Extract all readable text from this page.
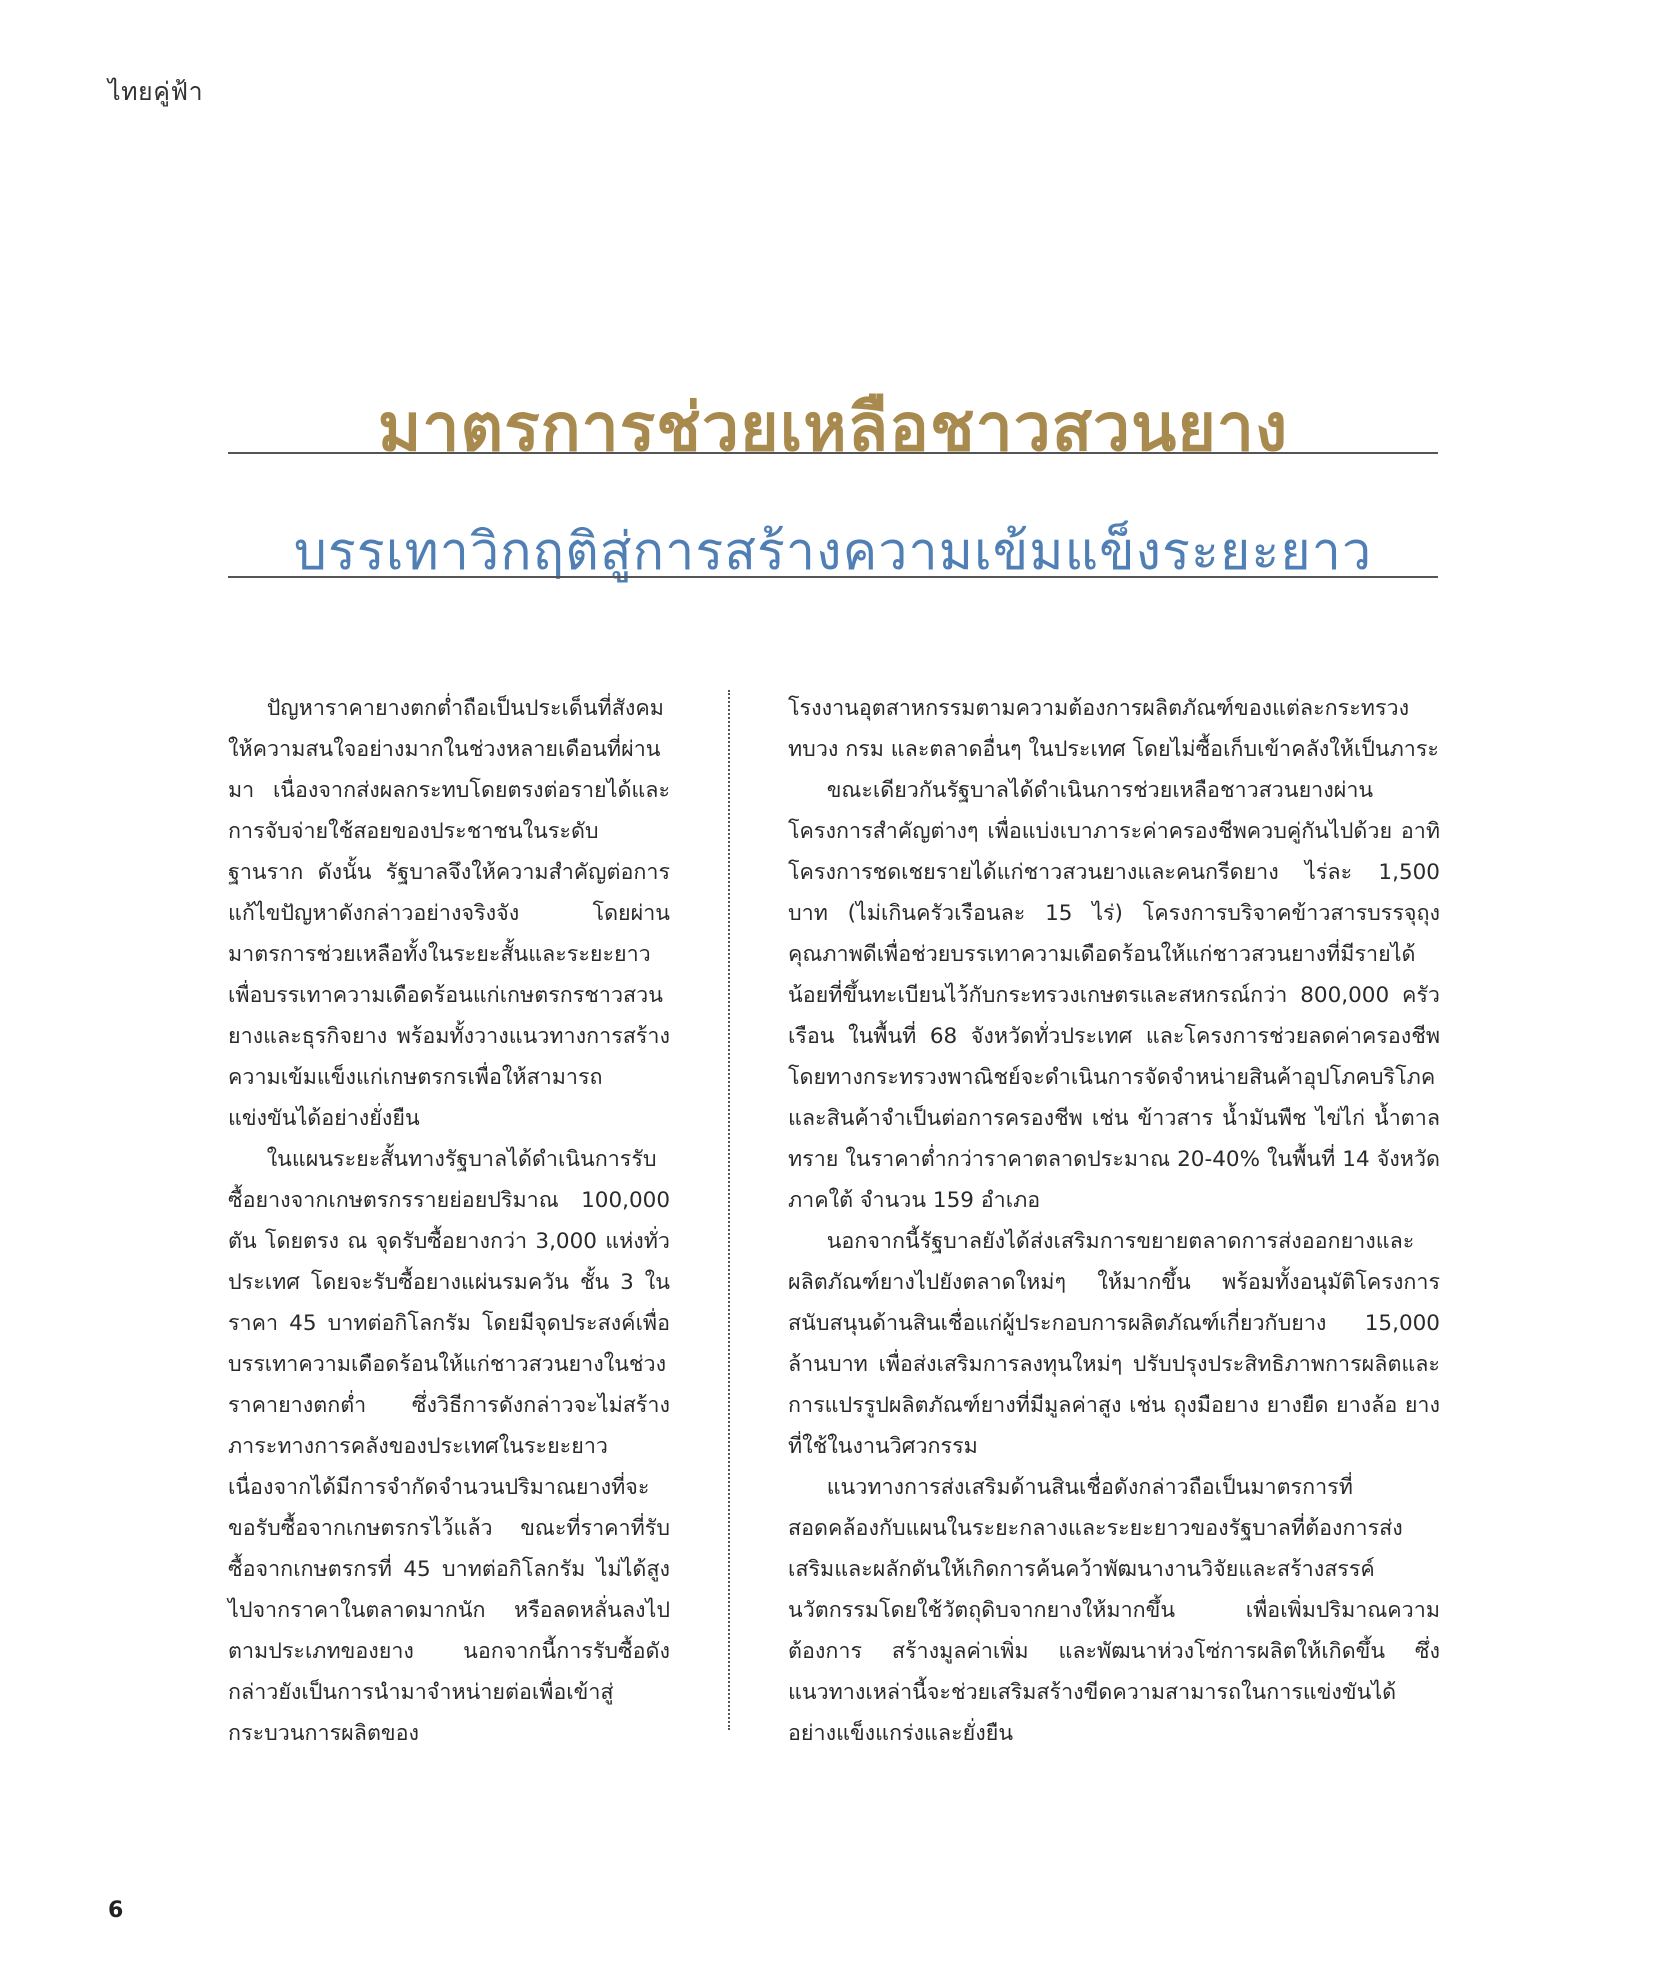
ไทยคู่ฟ้า
มาตรการช่วยเหลือชาวสวนยาง
บรรเทาวิกฤติสู่การสร้างความเข้มแข็งระยะยาว

ปัญหาราคายางตกต่ำถือเป็นประเด็นที่สังคมให้ความสนใจอย่างมากในช่วงหลายเดือนที่ผ่านมา เนื่องจากส่งผลกระทบโดยตรงต่อรายได้และการจับจ่ายใช้สอยของประชาชนในระดับฐานราก ดังนั้น รัฐบาลจึงให้ความสำคัญต่อการแก้ไขปัญหาดังกล่าวอย่างจริงจัง โดยผ่านมาตรการช่วยเหลือทั้งในระยะสั้นและระยะยาวเพื่อบรรเทาความเดือดร้อนแก่เกษตรกรชาวสวนยางและธุรกิจยาง พร้อมทั้งวางแนวทางการสร้างความเข้มแข็งแก่เกษตรกรเพื่อให้สามารถแข่งขันได้อย่างยั่งยืน

ในแผนระยะสั้นทางรัฐบาลได้ดำเนินการรับซื้อยางจากเกษตรกรรายย่อยปริมาณ 100,000 ตัน โดยตรง ณ จุดรับซื้อยางกว่า 3,000 แห่งทั่วประเทศ โดยจะรับซื้อยางแผ่นรมควัน ชั้น 3 ในราคา 45 บาทต่อกิโลกรัม โดยมีจุดประสงค์เพื่อบรรเทาความเดือดร้อนให้แก่ชาวสวนยางในช่วงราคายางตกต่ำ ซึ่งวิธีการดังกล่าวจะไม่สร้างภาระทางการคลังของประเทศในระยะยาว เนื่องจากได้มีการจำกัดจำนวนปริมาณยางที่จะขอรับซื้อจากเกษตรกรไว้แล้ว ขณะที่ราคาที่รับซื้อจากเกษตรกรที่ 45 บาทต่อกิโลกรัม ไม่ได้สูงไปจากราคาในตลาดมากนัก หรือลดหลั่นลงไปตามประเภทของยาง นอกจากนี้การรับซื้อดังกล่าวยังเป็นการนำมาจำหน่ายต่อเพื่อเข้าสู่กระบวนการผลิตของ

โรงงานอุตสาหกรรมตามความต้องการผลิตภัณฑ์ของแต่ละกระทรวง ทบวง กรม และตลาดอื่นๆ ในประเทศ โดยไม่ซื้อเก็บเข้าคลังให้เป็นภาระ

ขณะเดียวกันรัฐบาลได้ดำเนินการช่วยเหลือชาวสวนยางผ่านโครงการสำคัญต่างๆ เพื่อแบ่งเบาภาระค่าครองชีพควบคู่กันไปด้วย อาทิ โครงการชดเชยรายได้แก่ชาวสวนยางและคนกรีดยาง ไร่ละ 1,500 บาท (ไม่เกินครัวเรือนละ 15 ไร่) โครงการบริจาคข้าวสารบรรจุถุงคุณภาพดีเพื่อช่วยบรรเทาความเดือดร้อนให้แก่ชาวสวนยางที่มีรายได้น้อยที่ขึ้นทะเบียนไว้กับกระทรวงเกษตรและสหกรณ์กว่า 800,000 ครัวเรือน ในพื้นที่ 68 จังหวัดทั่วประเทศ และโครงการช่วยลดค่าครองชีพ โดยทางกระทรวงพาณิชย์จะดำเนินการจัดจำหน่ายสินค้าอุปโภคบริโภคและสินค้าจำเป็นต่อการครองชีพ เช่น ข้าวสาร น้ำมันพืช ไข่ไก่ น้ำตาลทราย ในราคาต่ำกว่าราคาตลาดประมาณ 20-40% ในพื้นที่ 14 จังหวัดภาคใต้ จำนวน 159 อำเภอ

นอกจากนี้รัฐบาลยังได้ส่งเสริมการขยายตลาดการส่งออกยางและผลิตภัณฑ์ยางไปยังตลาดใหม่ๆ ให้มากขึ้น พร้อมทั้งอนุมัติโครงการสนับสนุนด้านสินเชื่อแก่ผู้ประกอบการผลิตภัณฑ์เกี่ยวกับยาง 15,000 ล้านบาท เพื่อส่งเสริมการลงทุนใหม่ๆ ปรับปรุงประสิทธิภาพการผลิตและการแปรรูปผลิตภัณฑ์ยางที่มีมูลค่าสูง เช่น ถุงมือยาง ยางยืด ยางล้อ ยางที่ใช้ในงานวิศวกรรม

แนวทางการส่งเสริมด้านสินเชื่อดังกล่าวถือเป็นมาตรการที่สอดคล้องกับแผนในระยะกลางและระยะยาวของรัฐบาลที่ต้องการส่งเสริมและผลักดันให้เกิดการค้นคว้าพัฒนางานวิจัยและสร้างสรรค์นวัตกรรมโดยใช้วัตถุดิบจากยางให้มากขึ้น เพื่อเพิ่มปริมาณความต้องการ สร้างมูลค่าเพิ่ม และพัฒนาห่วงโซ่การผลิตให้เกิดขึ้น ซึ่งแนวทางเหล่านี้จะช่วยเสริมสร้างขีดความสามารถในการแข่งขันได้อย่างแข็งแกร่งและยั่งยืน

6
